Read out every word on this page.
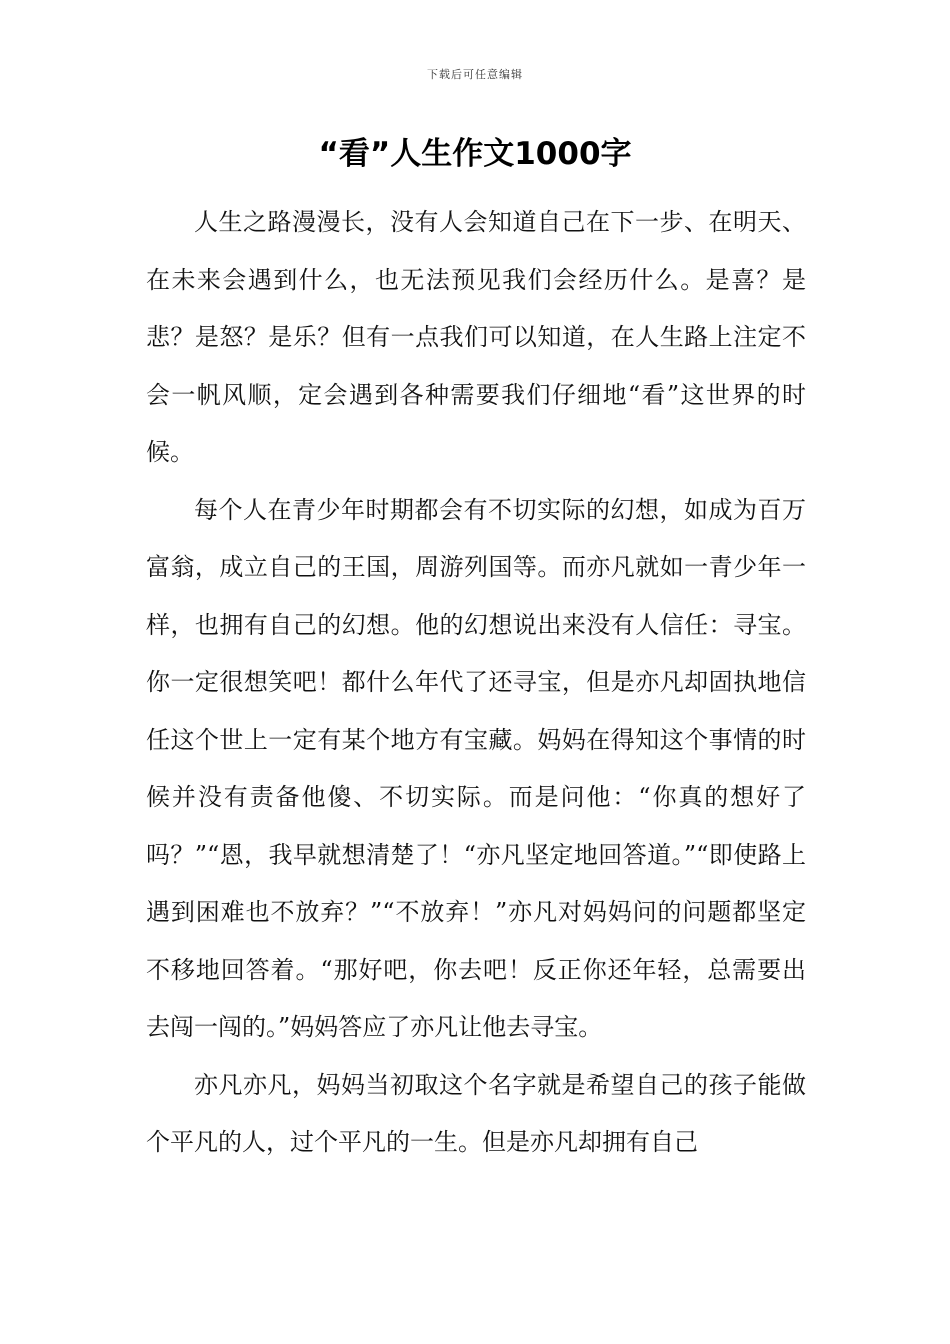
下载后可任意编辑
“看”人生作文1000字

人生之路漫漫长，没有人会知道自己在下一步、在明天、在未来会遇到什么，也无法预见我们会经历什么。是喜？是悲？是怒？是乐？但有一点我们可以知道，在人生路上注定不会一帆风顺，定会遇到各种需要我们仔细地“看”这世界的时候。

每个人在青少年时期都会有不切实际的幻想，如成为百万富翁，成立自己的王国，周游列国等。而亦凡就如一青少年一样，也拥有自己的幻想。他的幻想说出来没有人信任：寻宝。你一定很想笑吧！都什么年代了还寻宝，但是亦凡却固执地信任这个世上一定有某个地方有宝藏。妈妈在得知这个事情的时候并没有责备他傻、不切实际。而是问他：“你真的想好了吗？”“恩，我早就想清楚了！“亦凡坚定地回答道。”“即使路上遇到困难也不放弃？”“不放弃！”亦凡对妈妈问的问题都坚定不移地回答着。“那好吧，你去吧！反正你还年轻，总需要出去闯一闯的。”妈妈答应了亦凡让他去寻宝。

亦凡亦凡，妈妈当初取这个名字就是希望自己的孩子能做个平凡的人，过个平凡的一生。但是亦凡却拥有自己
